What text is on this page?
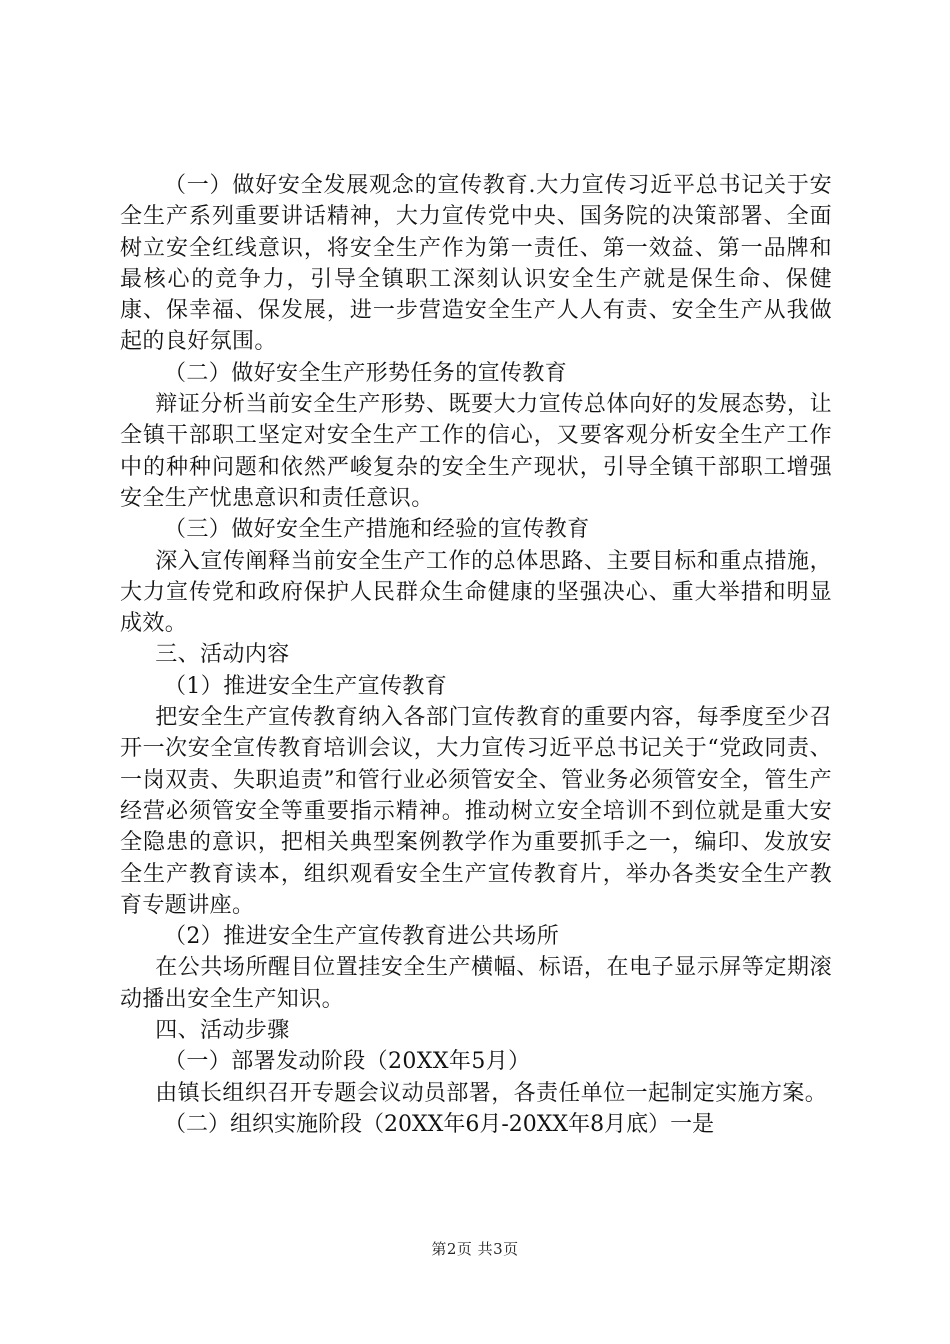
（一）做好安全发展观念的宣传教育.大力宣传习近平总书记关于安全生产系列重要讲话精神，大力宣传党中央、国务院的决策部署、全面树立安全红线意识，将安全生产作为第一责任、第一效益、第一品牌和最核心的竞争力，引导全镇职工深刻认识安全生产就是保生命、保健康、保幸福、保发展，进一步营造安全生产人人有责、安全生产从我做起的良好氛围。

（二）做好安全生产形势任务的宣传教育

辩证分析当前安全生产形势、既要大力宣传总体向好的发展态势，让全镇干部职工坚定对安全生产工作的信心，又要客观分析安全生产工作中的种种问题和依然严峻复杂的安全生产现状，引导全镇干部职工增强安全生产忧患意识和责任意识。

（三）做好安全生产措施和经验的宣传教育

深入宣传阐释当前安全生产工作的总体思路、主要目标和重点措施，大力宣传党和政府保护人民群众生命健康的坚强决心、重大举措和明显成效。

三、活动内容

（1）推进安全生产宣传教育

把安全生产宣传教育纳入各部门宣传教育的重要内容，每季度至少召开一次安全宣传教育培训会议，大力宣传习近平总书记关于“党政同责、一岗双责、失职追责”和管行业必须管安全、管业务必须管安全，管生产经营必须管安全等重要指示精神。推动树立安全培训不到位就是重大安全隐患的意识，把相关典型案例教学作为重要抓手之一，编印、发放安全生产教育读本，组织观看安全生产宣传教育片，举办各类安全生产教育专题讲座。

（2）推进安全生产宣传教育进公共场所

在公共场所醒目位置挂安全生产横幅、标语，在电子显示屏等定期滚动播出安全生产知识。

四、活动步骤

（一）部署发动阶段（20XX年5月）

由镇长组织召开专题会议动员部署，各责任单位一起制定实施方案。

（二）组织实施阶段（20XX年6月-20XX年8月底）一是

第2页 共3页
